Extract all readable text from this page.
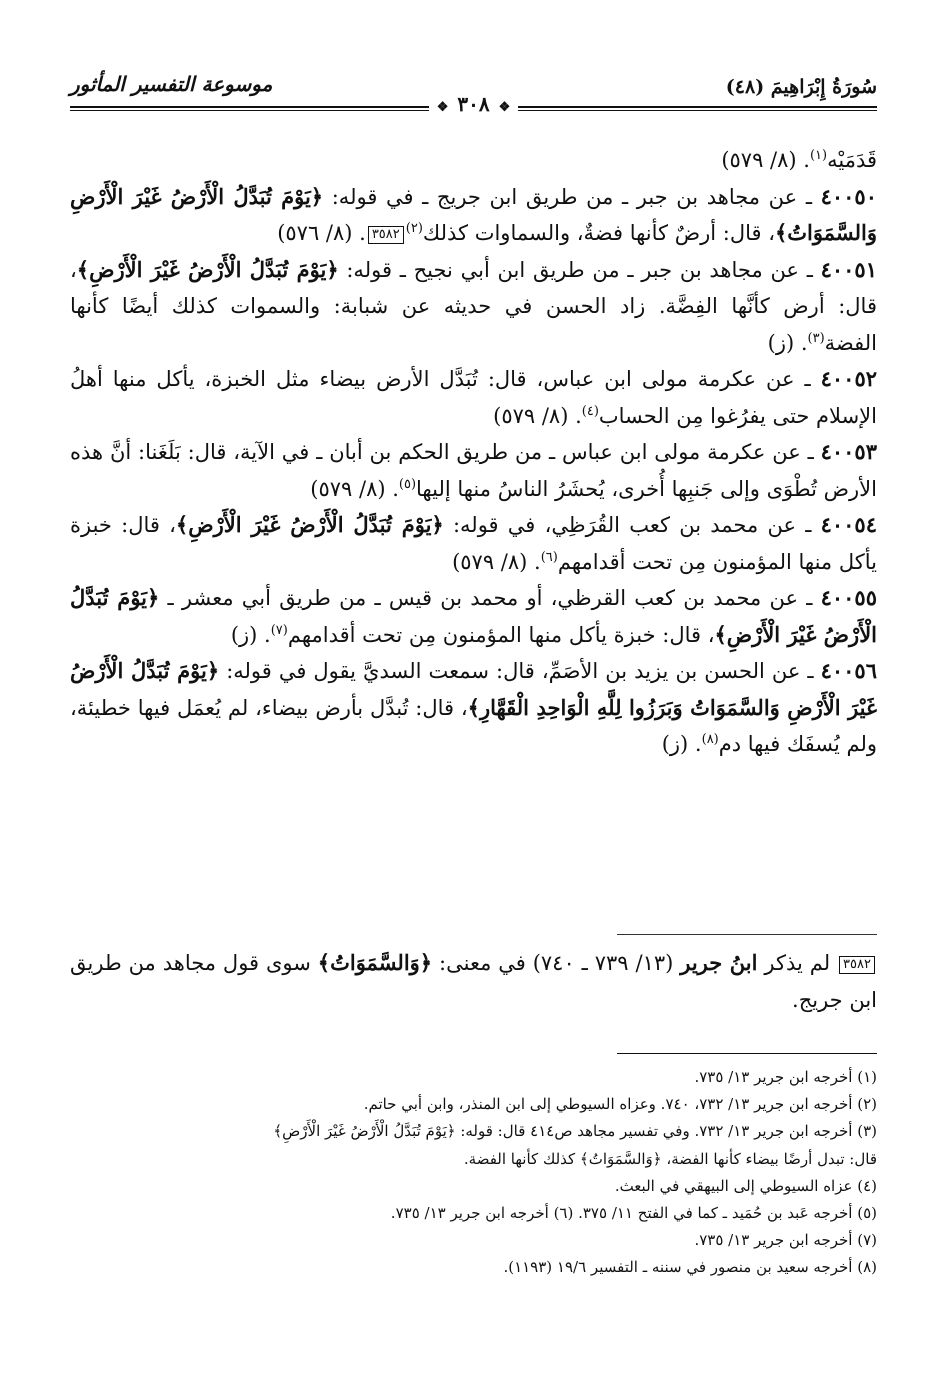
سُورَةُ إِبْرَاهِيمَ (٤٨)
موسوعة التفسير المأثور
❖ ٣٠٨ ❖

قَدَمَيْه$^{(١)}$. (٨/ ٥٧٩)

٤٠٠٥٠ ـ عن مجاهد بن جبر ـ من طريق ابن جريج ـ في قوله: ﴿يَوْمَ تُبَدَّلُ الْأَرْضُ غَيْرَ الْأَرْضِ وَالسَّمَوَاتُ﴾، قال: أرضٌ كأنها فضةٌ، والسماوات كذلك$^{(٢)}$٣٥٨٢. (٨/ ٥٧٦)

٤٠٠٥١ ـ عن مجاهد بن جبر ـ من طريق ابن أبي نجيح ـ قوله: ﴿يَوْمَ تُبَدَّلُ الْأَرْضُ غَيْرَ الْأَرْضِ﴾، قال: أرض كأنَّها الفِضَّة. زاد الحسن في حديثه عن شبابة: والسموات كذلك أيضًا كأنها الفضة$^{(٣)}$. (ز)

٤٠٠٥٢ ـ عن عكرمة مولى ابن عباس، قال: تُبَدَّل الأرض بيضاء مثل الخبزة، يأكل منها أهلُ الإسلام حتى يفرُغوا مِن الحساب$^{(٤)}$. (٨/ ٥٧٩)

٤٠٠٥٣ ـ عن عكرمة مولى ابن عباس ـ من طريق الحكم بن أبان ـ في الآية، قال: بَلَغَنا: أنَّ هذه الأرض تُطْوَى وإلى جَنبِها أُخرى، يُحشَرُ الناسُ منها إليها$^{(٥)}$. (٨/ ٥٧٩)

٤٠٠٥٤ ـ عن محمد بن كعب القُرَظِي، في قوله: ﴿يَوْمَ تُبَدَّلُ الْأَرْضُ غَيْرَ الْأَرْضِ﴾، قال: خبزة يأكل منها المؤمنون مِن تحت أقدامهم$^{(٦)}$. (٨/ ٥٧٩)

٤٠٠٥٥ ـ عن محمد بن كعب القرظي، أو محمد بن قيس ـ من طريق أبي معشر ـ ﴿يَوْمَ تُبَدَّلُ الْأَرْضُ غَيْرَ الْأَرْضِ﴾، قال: خبزة يأكل منها المؤمنون مِن تحت أقدامهم$^{(٧)}$. (ز)

٤٠٠٥٦ ـ عن الحسن بن يزيد بن الأصَمِّ، قال: سمعت السديَّ يقول في قوله: ﴿يَوْمَ تُبَدَّلُ الْأَرْضُ غَيْرَ الْأَرْضِ وَالسَّمَوَاتُ وَبَرَزُوا لِلَّهِ الْوَاحِدِ الْقَهَّارِ﴾، قال: تُبدَّل بأرض بيضاء، لم يُعمَل فيها خطيئة، ولم يُسفَك فيها دم$^{(٨)}$. (ز)

٣٥٨٢ لم يذكر ابنُ جرير (١٣/ ٧٣٩ ـ ٧٤٠) في معنى: ﴿وَالسَّمَوَاتُ﴾ سوى قول مجاهد من طريق ابن جريج.

(١) أخرجه ابن جرير ١٣/ ٧٣٥.

(٢) أخرجه ابن جرير ١٣/ ٧٣٢، ٧٤٠. وعزاه السيوطي إلى ابن المنذر، وابن أبي حاتم.

(٣) أخرجه ابن جرير ١٣/ ٧٣٢. وفي تفسير مجاهد ص٤١٤ قال: قوله: ﴿يَوْمَ تُبَدَّلُ الْأَرْضُ غَيْرَ الْأَرْضِ﴾

قال: تبدل أرضًا بيضاء كأنها الفضة، ﴿وَالسَّمَوَاتُ﴾ كذلك كأنها الفضة.

(٤) عزاه السيوطي إلى البيهقي في البعث.

(٥) أخرجه عَبد بن حُمَيد ـ كما في الفتح ١١/ ٣٧٥. (٦) أخرجه ابن جرير ١٣/ ٧٣٥.

(٧) أخرجه ابن جرير ١٣/ ٧٣٥.

(٨) أخرجه سعيد بن منصور في سننه ـ التفسير ١٩/٦ (١١٩٣).
